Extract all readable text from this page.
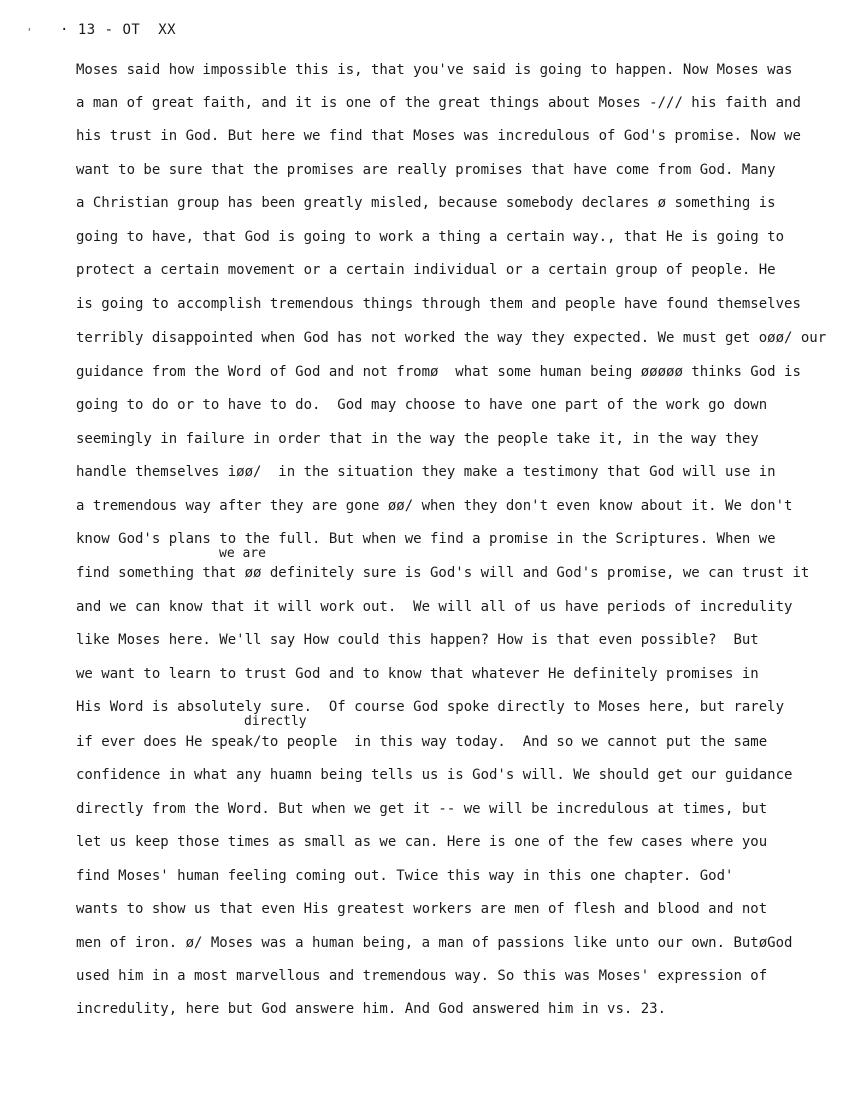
' · 13 - OT  XX
Moses said how impossible this is, that you've said is going to happen. Now Moses was
a man of great faith, and it is one of the great things about Moses -/// his faith and
his trust in God. But here we find that Moses was incredulous of God's promise. Now we
want to be sure that the promises are really promises that have come from God. Many
a Christian group has been greatly misled, because somebody declares ø something is
going to have, that God is going to work a thing a certain way., that He is going to
protect a certain movement or a certain individual or a certain group of people. He
is going to accomplish tremendous things through them and people have found themselves
terribly disappointed when God has not worked the way they expected. We must get oøø/ our
guidance from the Word of God and not fromø  what some human being øøøøø thinks God is
going to do or to have to do.  God may choose to have one part of the work go down
seemingly in failure in order that in the way the people take it, in the way they
handle themselves iøø/  in the situation they make a testimony that God will use in
a tremendous way after they are gone øø/ when they don't even know about it. We don't
know God's plans to the full. But when we find a promise in the Scriptures. When we
we are
find something that øø definitely sure is God's will and God's promise, we can trust it
and we can know that it will work out.  We will all of us have periods of incredulity
like Moses here. We'll say How could this happen? How is that even possible?  But
we want to learn to trust God and to know that whatever He definitely promises in
His Word is absolutely sure.  Of course God spoke directly to Moses here, but rarely
directly
if ever does He speak/to people  in this way today.  And so we cannot put the same
confidence in what any huamn being tells us is God's will. We should get our guidance
directly from the Word. But when we get it -- we will be incredulous at times, but
let us keep those times as small as we can. Here is one of the few cases where you
find Moses' human feeling coming out. Twice this way in this one chapter. God'
wants to show us that even His greatest workers are men of flesh and blood and not
men of iron. ø/ Moses was a human being, a man of passions like unto our own. ButøGod
used him in a most marvellous and tremendous way. So this was Moses' expression of
incredulity, here but God answere him. And God answered him in vs. 23.
